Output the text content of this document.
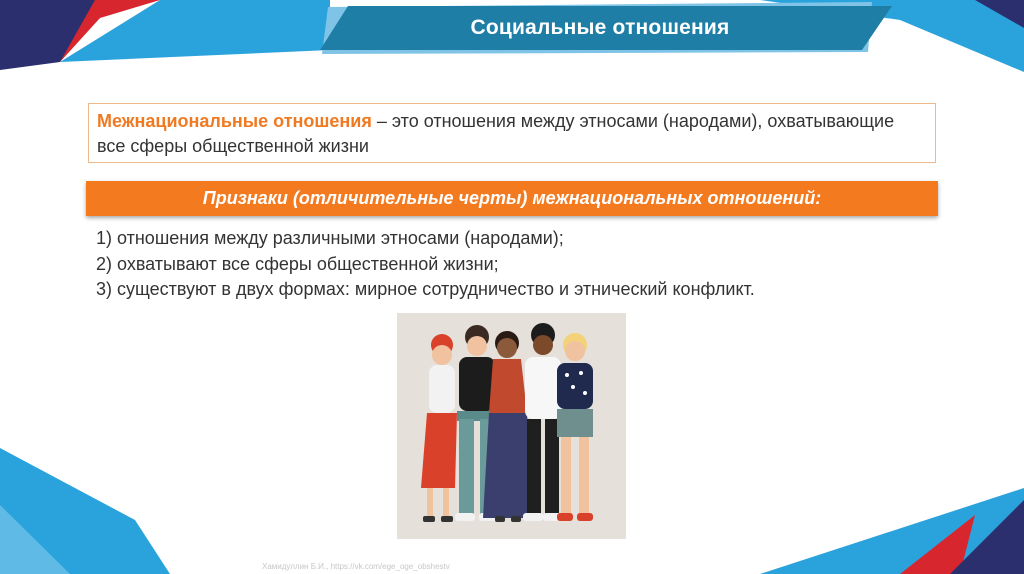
Социальные отношения
Межнациональные отношения – это отношения между этносами (народами), охватывающие все сферы общественной жизни
Признаки (отличительные черты) межнациональных отношений:
1) отношения между различными этносами (народами);
2) охватывают все сферы общественной жизни;
3) существуют в двух формах: мирное сотрудничество и этнический конфликт.
Хамидуллин Б.И., https://vk.com/ege_oge_obshestv
